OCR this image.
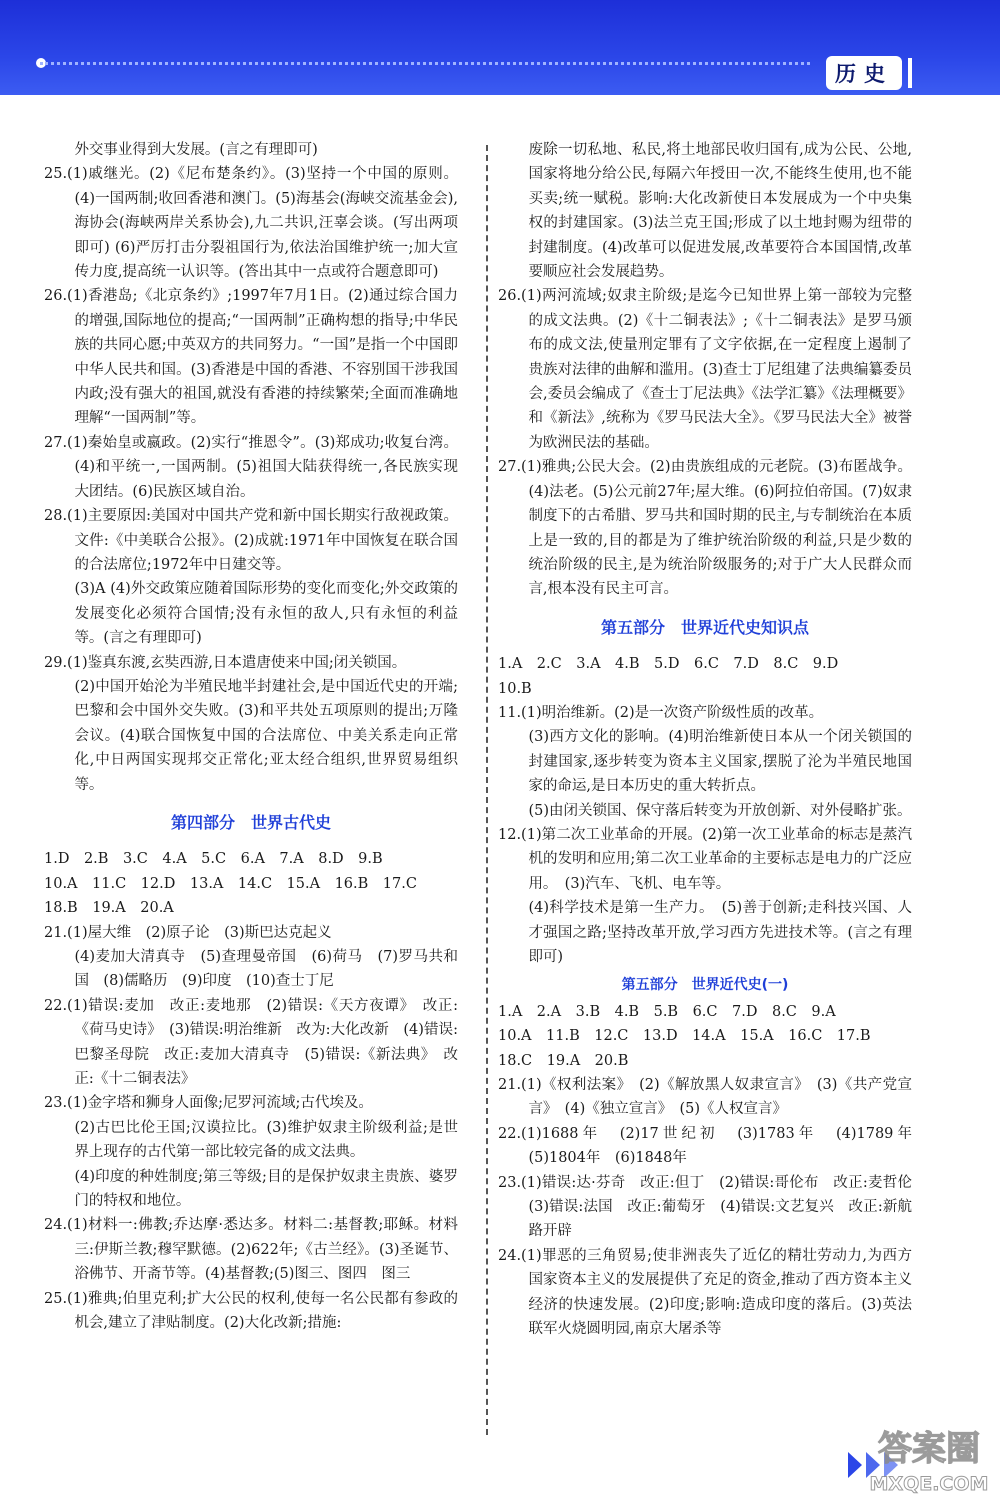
历史

外交事业得到大发展。(言之有理即可)

25.(1)戚继光。(2)《尼布楚条约》。(3)坚持一个中国的原则。(4)一国两制;收回香港和澳门。(5)海基会(海峡交流基金会),海协会(海峡两岸关系协会),九二共识,汪辜会谈。(写出两项即可) (6)严厉打击分裂祖国行为,依法治国维护统一;加大宣传力度,提高统一认识等。(答出其中一点或符合题意即可)

26.(1)香港岛;《北京条约》;1997年7月1日。(2)通过综合国力的增强,国际地位的提高;“一国两制”正确构想的指导;中华民族的共同心愿;中英双方的共同努力。“一国”是指一个中国即中华人民共和国。(3)香港是中国的香港、不容别国干涉我国内政;没有强大的祖国,就没有香港的持续繁荣;全面而准确地理解“一国两制”等。

27.(1)秦始皇或嬴政。(2)实行“推恩令”。(3)郑成功;收复台湾。(4)和平统一,一国两制。(5)祖国大陆获得统一,各民族实现大团结。(6)民族区域自治。

28.(1)主要原因:美国对中国共产党和新中国长期实行敌视政策。文件:《中美联合公报》。(2)成就:1971年中国恢复在联合国的合法席位;1972年中日建交等。

(3)A (4)外交政策应随着国际形势的变化而变化;外交政策的发展变化必须符合国情;没有永恒的敌人,只有永恒的利益等。(言之有理即可)

29.(1)鉴真东渡,玄奘西游,日本遣唐使来中国;闭关锁国。

(2)中国开始沦为半殖民地半封建社会,是中国近代史的开端;巴黎和会中国外交失败。(3)和平共处五项原则的提出;万隆会议。(4)联合国恢复中国的合法席位、中美关系走向正常化,中日两国实现邦交正常化;亚太经合组织,世界贸易组织等。

第四部分　世界古代史

1.D　2.B　3.C　4.A　5.C　6.A　7.A　8.D　9.B

10.A　11.C　12.D　13.A　14.C　15.A　16.B　17.C

18.B　19.A　20.A

21.(1)屋大维　(2)原子论　(3)斯巴达克起义

(4)麦加大清真寺　(5)查理曼帝国　(6)荷马　(7)罗马共和国　(8)儒略历　(9)印度　(10)查士丁尼

22.(1)错误:麦加　改正:麦地那　(2)错误:《天方夜谭》　改正:《荷马史诗》　(3)错误:明治维新　改为:大化改新　(4)错误:巴黎圣母院　改正:麦加大清真寺　(5)错误:《新法典》　改正:《十二铜表法》

23.(1)金字塔和狮身人面像;尼罗河流域;古代埃及。

(2)古巴比伦王国;汉谟拉比。(3)维护奴隶主阶级利益;是世界上现存的古代第一部比较完备的成文法典。

(4)印度的种姓制度;第三等级;目的是保护奴隶主贵族、婆罗门的特权和地位。

24.(1)材料一:佛教;乔达摩·悉达多。材料二:基督教;耶稣。材料三:伊斯兰教;穆罕默德。(2)622年;《古兰经》。(3)圣诞节、浴佛节、开斋节等。(4)基督教;(5)图三、图四　图三

25.(1)雅典;伯里克利;扩大公民的权利,使每一名公民都有参政的机会,建立了津贴制度。(2)大化改新;措施:

废除一切私地、私民,将土地部民收归国有,成为公民、公地,国家将地分给公民,每隔六年授田一次,不能终生使用,也不能买卖;统一赋税。影响:大化改新使日本发展成为一个中央集权的封建国家。(3)法兰克王国;形成了以土地封赐为纽带的封建制度。(4)改革可以促进发展,改革要符合本国国情,改革要顺应社会发展趋势。

26.(1)两河流域;奴隶主阶级;是迄今已知世界上第一部较为完整的成文法典。(2)《十二铜表法》;《十二铜表法》是罗马颁布的成文法,使量刑定罪有了文字依据,在一定程度上遏制了贵族对法律的曲解和滥用。(3)查士丁尼组建了法典编纂委员会,委员会编成了《查士丁尼法典》《法学汇纂》《法理概要》和《新法》,统称为《罗马民法大全》。《罗马民法大全》被誉为欧洲民法的基础。

27.(1)雅典;公民大会。(2)由贵族组成的元老院。(3)布匿战争。(4)法老。(5)公元前27年;屋大维。(6)阿拉伯帝国。(7)奴隶制度下的古希腊、罗马共和国时期的民主,与专制统治在本质上是一致的,目的都是为了维护统治阶级的利益,只是少数的统治阶级的民主,是为统治阶级服务的;对于广大人民群众而言,根本没有民主可言。

第五部分　世界近代史知识点

1.A　2.C　3.A　4.B　5.D　6.C　7.D　8.C　9.D

10.B

11.(1)明治维新。(2)是一次资产阶级性质的改革。

(3)西方文化的影响。(4)明治维新使日本从一个闭关锁国的封建国家,逐步转变为资本主义国家,摆脱了沦为半殖民地国家的命运,是日本历史的重大转折点。

(5)由闭关锁国、保守落后转变为开放创新、对外侵略扩张。

12.(1)第二次工业革命的开展。(2)第一次工业革命的标志是蒸汽机的发明和应用;第二次工业革命的主要标志是电力的广泛应用。　(3)汽车、飞机、电车等。

(4)科学技术是第一生产力。　(5)善于创新;走科技兴国、人才强国之路;坚持改革开放,学习西方先进技术等。(言之有理即可)

第五部分　世界近代史(一)

1.A　2.A　3.B　4.B　5.B　6.C　7.D　8.C　9.A

10.A　11.B　12.C　13.D　14.A　15.A　16.C　17.B

18.C　19.A　20.B

21.(1)《权利法案》　(2)《解放黑人奴隶宣言》　(3)《共产党宣言》　(4)《独立宣言》　(5)《人权宣言》

22.(1)1688年　(2)17世纪初　(3)1783年　(4)1789年　(5)1804年　(6)1848年

23.(1)错误:达·芬奇　改正:但丁　(2)错误:哥伦布　改正:麦哲伦　(3)错误:法国　改正:葡萄牙　(4)错误:文艺复兴　改正:新航路开辟

24.(1)罪恶的三角贸易;使非洲丧失了近亿的精壮劳动力,为西方国家资本主义的发展提供了充足的资金,推动了西方资本主义经济的快速发展。(2)印度;影响:造成印度的落后。(3)英法联军火烧圆明园,南京大屠杀等

答案圈
MXQE.COM
